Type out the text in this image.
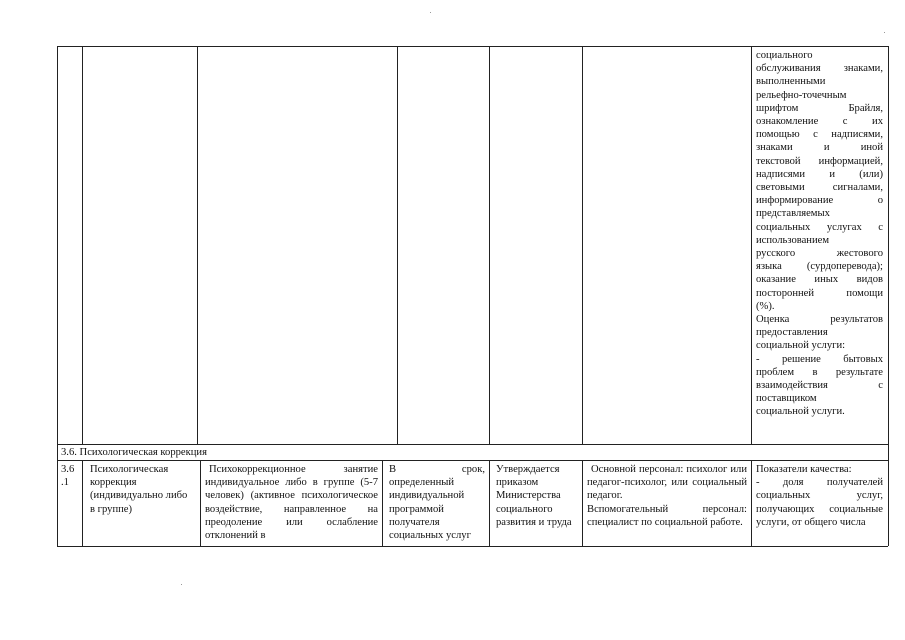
социального
обслуживания знаками,
выполненными
рельефно-точечным
шрифтом Брайля,
ознакомление с их
помощью с надписями,
знаками и иной
текстовой информацией,
надписями и (или)
световыми сигналами,
информирование о
представляемых
социальных услугах с
использованием
русского жестового
языка (сурдоперевода);
оказание иных видов
посторонней помощи
(%).
Оценка результатов
предоставления
социальной услуги:
- решение бытовых
проблем в результате
взаимодействия с
поставщиком
социальной услуги.
3.6. Психологическая коррекция
3.6
.1
Психологическая коррекция (индивидуально либо в группе)
Психокоррекционное занятие индивидуальное либо в группе (5-7 человек) (активное психологическое воздействие, направленное на преодоление или ослабление отклонений в
В срок, определенный индивидуальной программой получателя социальных услуг
Утверждается приказом Министерства социального развития и труда
Основной персонал: психолог или педагог-психолог, или социальный педагог.
Вспомогательный персонал: специалист по социальной работе.
Показатели качества:
- доля получателей социальных услуг, получающих социальные услуги, от общего числа
